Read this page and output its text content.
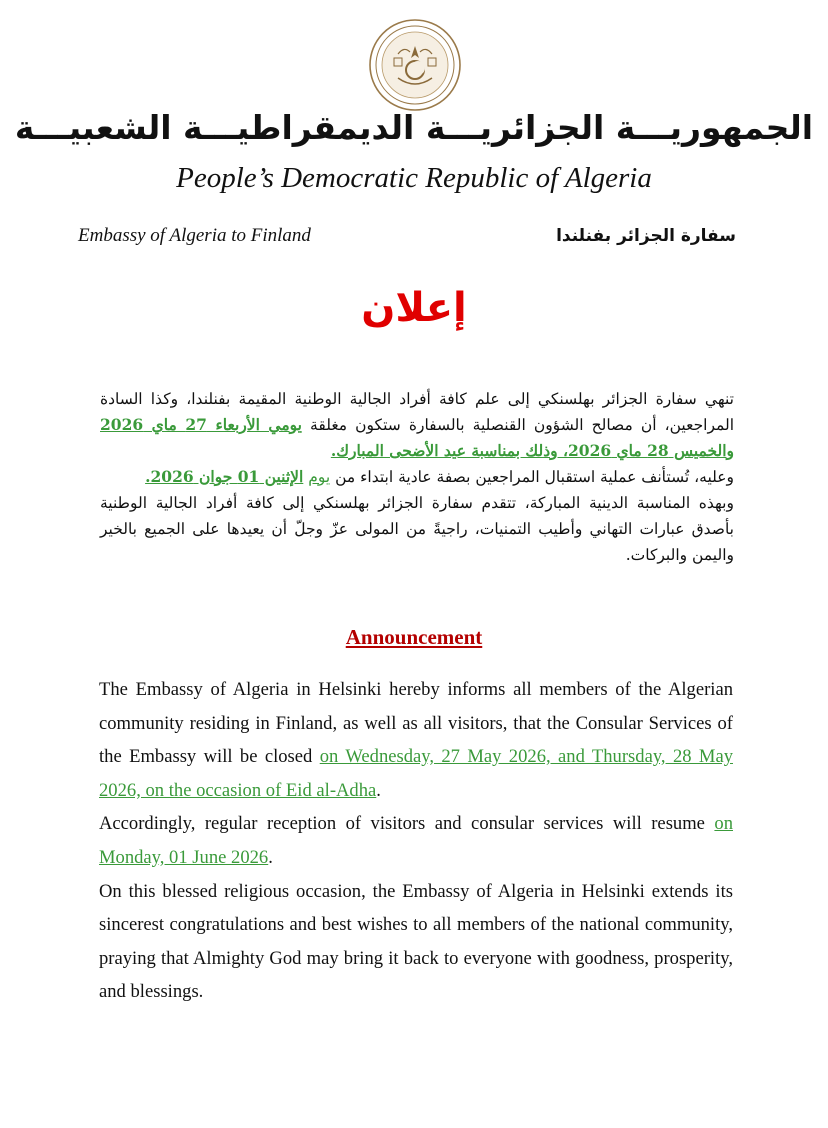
الجمهوريـــة الجزائريـــة الديمقراطيـــة الشعبيـــة
People’s Democratic Republic of Algeria
Embassy of Algeria to Finland	سفارة الجزائر بفنلندا
إعلان

تنهي سفارة الجزائر بهلسنكي إلى علم كافة أفراد الجالية الوطنية المقيمة بفنلندا، وكذا السادة المراجعين، أن مصالح الشؤون القنصلية بالسفارة ستكون مغلقة يومي الأربعاء 27 ماي 2026 والخميس 28 ماي 2026، وذلك بمناسبة عيد الأضحى المبارك.

وعليه، تُستأنف عملية استقبال المراجعين بصفة عادية ابتداء من يوم الإثنين 01 جوان 2026.

وبهذه المناسبة الدينية المباركة، تتقدم سفارة الجزائر بهلسنكي إلى كافة أفراد الجالية الوطنية بأصدق عبارات التهاني وأطيب التمنيات، راجيةً من المولى عزّ وجلّ أن يعيدها على الجميع بالخير واليمن والبركات.

Announcement

The Embassy of Algeria in Helsinki hereby informs all members of the Algerian community residing in Finland, as well as all visitors, that the Consular Services of the Embassy will be closed on Wednesday, 27 May 2026, and Thursday, 28 May 2026, on the occasion of Eid al-Adha.

Accordingly, regular reception of visitors and consular services will resume on Monday, 01 June 2026.

On this blessed religious occasion, the Embassy of Algeria in Helsinki extends its sincerest congratulations and best wishes to all members of the national community, praying that Almighty God may bring it back to everyone with goodness, prosperity, and blessings.
